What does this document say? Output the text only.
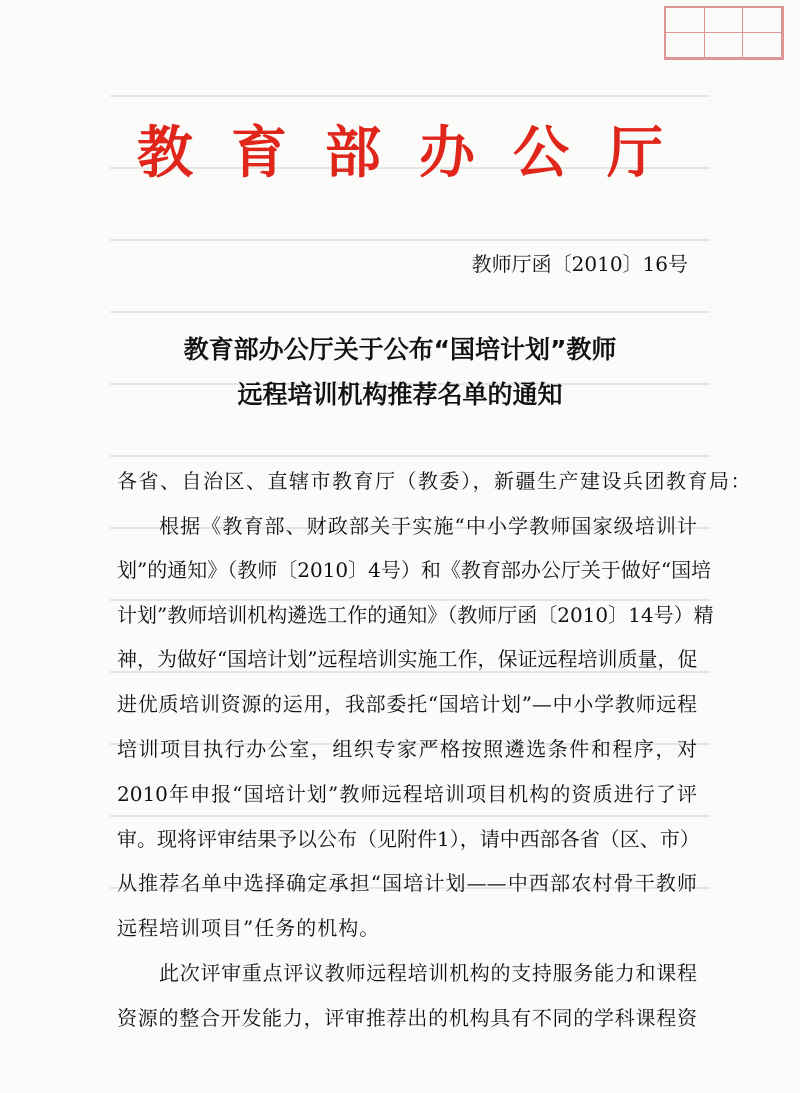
教育部办公厅
教师厅函〔2010〕16号
教育部办公厅关于公布“国培计划”教师
远程培训机构推荐名单的通知
各省、自治区、直辖市教育厅（教委），新疆生产建设兵团教育局：
根据《教育部、财政部关于实施“中小学教师国家级培训计
划”的通知》（教师〔2010〕4号）和《教育部办公厅关于做好“国培
计划”教师培训机构遴选工作的通知》（教师厅函〔2010〕14号）精
神，为做好“国培计划”远程培训实施工作，保证远程培训质量，促
进优质培训资源的运用，我部委托“国培计划”—中小学教师远程
培训项目执行办公室，组织专家严格按照遴选条件和程序，对
2010年申报“国培计划”教师远程培训项目机构的资质进行了评
审。现将评审结果予以公布（见附件1），请中西部各省（区、市）
从推荐名单中选择确定承担“国培计划——中西部农村骨干教师
远程培训项目”任务的机构。
此次评审重点评议教师远程培训机构的支持服务能力和课程
资源的整合开发能力，评审推荐出的机构具有不同的学科课程资
